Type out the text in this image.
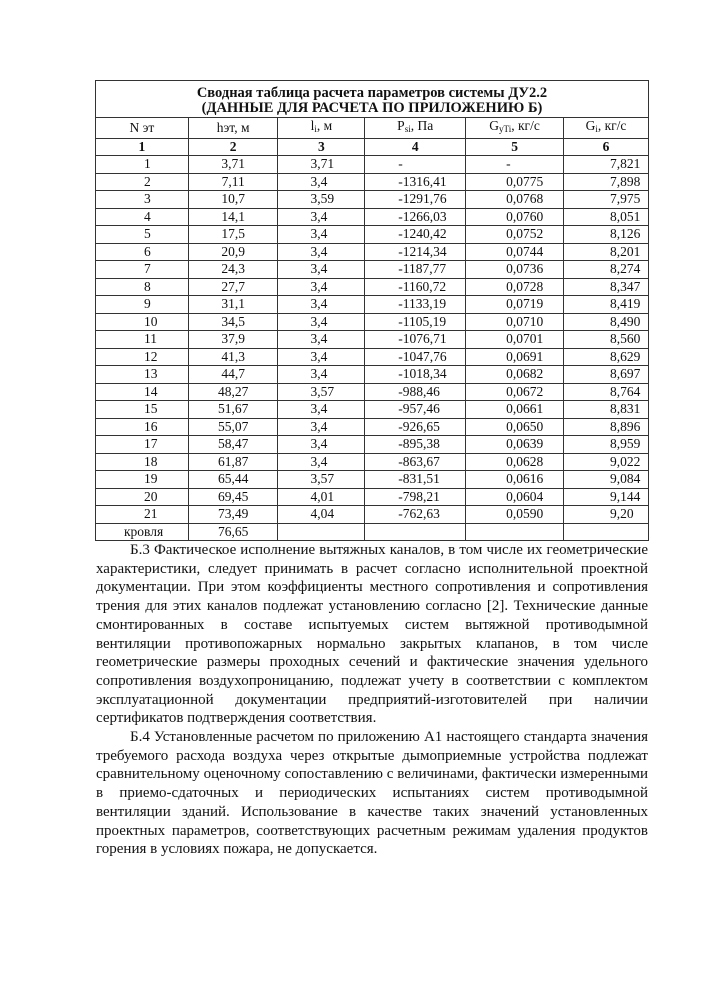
Сводная таблица расчета параметров системы ДУ2.2
(ДАННЫЕ ДЛЯ РАСЧЕТА ПО ПРИЛОЖЕНИЮ Б)					

N эт	hэт, м	$l_i$, м	$P_{si}$, Па	$G_{yTi}$, кг/с	$G_i$, кг/с
1	2	3	4	5	6
1	3,71	3,71	-	-	7,821
2	7,11	3,4	-1316,41	0,0775	7,898
3	10,7	3,59	-1291,76	0,0768	7,975
4	14,1	3,4	-1266,03	0,0760	8,051
5	17,5	3,4	-1240,42	0,0752	8,126
6	20,9	3,4	-1214,34	0,0744	8,201
7	24,3	3,4	-1187,77	0,0736	8,274
8	27,7	3,4	-1160,72	0,0728	8,347
9	31,1	3,4	-1133,19	0,0719	8,419
10	34,5	3,4	-1105,19	0,0710	8,490
11	37,9	3,4	-1076,71	0,0701	8,560
12	41,3	3,4	-1047,76	0,0691	8,629
13	44,7	3,4	-1018,34	0,0682	8,697
14	48,27	3,57	-988,46	0,0672	8,764
15	51,67	3,4	-957,46	0,0661	8,831
16	55,07	3,4	-926,65	0,0650	8,896
17	58,47	3,4	-895,38	0,0639	8,959
18	61,87	3,4	-863,67	0,0628	9,022
19	65,44	3,57	-831,51	0,0616	9,084
20	69,45	4,01	-798,21	0,0604	9,144
21	73,49	4,04	-762,63	0,0590	9,20
кровля	76,65				

Б.3 Фактическое исполнение вытяжных каналов, в том числе их геометрические характеристики, следует принимать в расчет согласно исполнительной проектной документации. При этом коэффициенты местного сопротивления и сопротивления трения для этих каналов подлежат установлению согласно [2]. Технические данные смонтированных в составе испытуемых систем вытяжной противодымной вентиляции противопожарных нормально закрытых клапанов, в том числе геометрические размеры проходных сечений и фактические значения удельного сопротивления воздухопроницанию, подлежат учету в соответствии с комплектом эксплуатационной документации предприятий-изготовителей при наличии сертификатов подтверждения соответствия.

Б.4 Установленные расчетом по приложению А1 настоящего стандарта значения требуемого расхода воздуха через открытые дымоприемные устройства подлежат сравнительному оценочному сопоставлению с величинами, фактически измеренными в приемо-сдаточных и периодических испытаниях систем противодымной вентиляции зданий. Использование в качестве таких значений установленных проектных параметров, соответствующих расчетным режимам удаления продуктов горения в условиях пожара, не допускается.
